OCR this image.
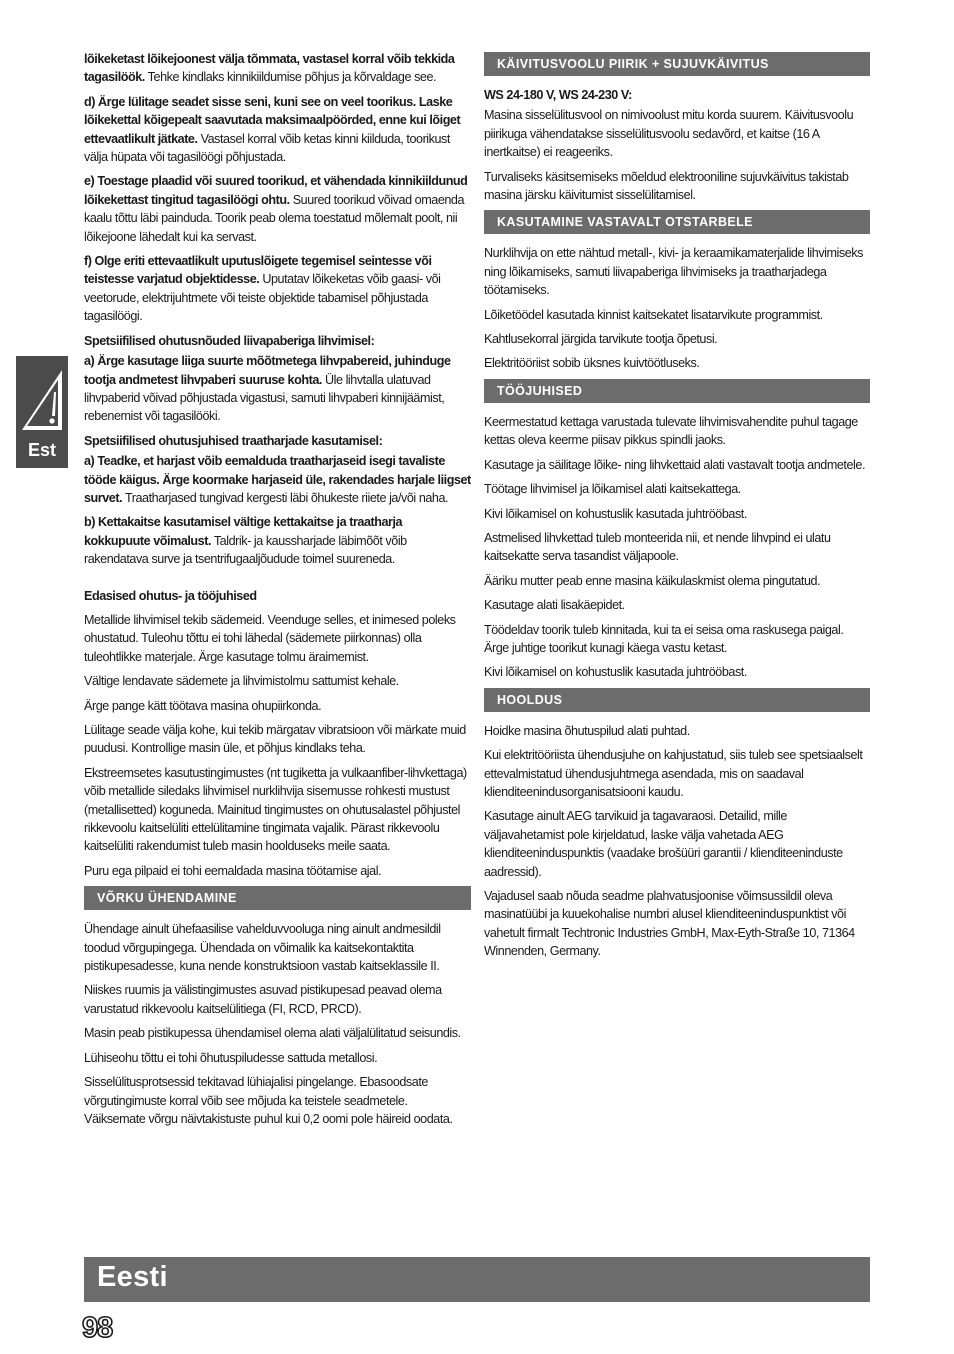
Est

lõikeketast lõikejoonest välja tõmmata, vastasel korral võib tekkida tagasilöök. Tehke kindlaks kinnikiildumise põhjus ja kõrvaldage see.

d) Ärge lülitage seadet sisse seni, kuni see on veel toorikus. Laske lõikekettal kõigepealt saavutada maksimaalpöörded, enne kui lõiget ettevaatlikult jätkate. Vastasel korral võib ketas kinni kiilduda, toorikust välja hüpata või tagasilöögi põhjustada.

e) Toestage plaadid või suured toorikud, et vähendada kinnikiildunud lõikekettast tingitud tagasilöögi ohtu. Suured toorikud võivad omaenda kaalu tõttu läbi painduda. Toorik peab olema toestatud mõlemalt poolt, nii lõikejoone lähedalt kui ka servast.

f) Olge eriti ettevaatlikult uputuslõigete tegemisel seintesse või teistesse varjatud objektidesse. Uputatav lõikeketas võib gaasi- või veetorude, elektrijuhtmete või teiste objektide tabamisel põhjustada tagasilöögi.

Spetsiifilised ohutusnõuded liivapaberiga lihvimisel:

a) Ärge kasutage liiga suurte mõõtmetega lihvpabereid, juhinduge tootja andmetest lihvpaberi suuruse kohta. Üle lihvtalla ulatuvad lihvpaberid võivad põhjustada vigastusi, samuti lihvpaberi kinnijäämist, rebenemist või tagasilööki.

Spetsiifilised ohutusjuhised traatharjade kasutamisel:

a) Teadke, et harjast võib eemalduda traatharjaseid isegi tavaliste tööde käigus. Ärge koormake harjaseid üle, rakendades harjale liigset survet. Traatharjased tungivad kergesti läbi õhukeste riiete ja/või naha.

b) Kettakaitse kasutamisel vältige kettakaitse ja traatharja kokkupuute võimalust. Taldrik- ja kaussharjade läbimõõt võib rakendatava surve ja tsentrifugaaljõudude toimel suureneda.

Edasised ohutus- ja tööjuhised

Metallide lihvimisel tekib sädemeid. Veenduge selles, et inimesed poleks ohustatud. Tuleohu tõttu ei tohi lähedal (sädemete piirkonnas) olla tuleohtlikke materjale. Ärge kasutage tolmu äraimemist.

Vältige lendavate sädemete ja lihvimistolmu sattumist kehale.

Ärge pange kätt töötava masina ohupiirkonda.

Lülitage seade välja kohe, kui tekib märgatav vibratsioon või märkate muid puudusi. Kontrollige masin üle, et põhjus kindlaks teha.

Ekstreemsetes kasutustingimustes (nt tugiketta ja vulkaanfiber-lihvkettaga) võib metallide siledaks lihvimisel nurklihvija sisemusse rohkesti mustust (metallisetted) koguneda. Mainitud tingimustes on ohutusalastel põhjustel rikkevoolu kaitselüliti ettelülitamine tingimata vajalik. Pärast rikkevoolu kaitselüliti rakendumist tuleb masin hoolduseks meile saata.

Puru ega pilpaid ei tohi eemaldada masina töötamise ajal.

VÕRKU ÜHENDAMINE

Ühendage ainult ühefaasilise vahelduvvooluga ning ainult andmesildil toodud võrgupingega. Ühendada on võimalik ka kaitsekontaktita pistikupesadesse, kuna nende konstruktsioon vastab kaitseklassile II.

Niiskes ruumis ja välistingimustes asuvad pistikupesad peavad olema varustatud rikkevoolu kaitselülitiega (FI, RCD, PRCD).

Masin peab pistikupessa ühendamisel olema alati väljalülitatud seisundis.

Lühiseohu tõttu ei tohi õhutuspiludesse sattuda metallosi.

Sisselülitusprotsessid tekitavad lühiajalisi pingelange. Ebasoodsate võrgutingimuste korral võib see mõjuda ka teistele seadmetele. Väiksemate võrgu näivtakistuste puhul kui 0,2 oomi pole häireid oodata.

KÄIVITUSVOOLU PIIRIK + SUJUVKÄIVITUS

WS 24-180 V, WS 24-230 V:

Masina sisselülitusvool on nimivoolust mitu korda suurem. Käivitusvoolu piirikuga vähendatakse sisselülitusvoolu sedavõrd, et kaitse (16 A inertkaitse) ei reageeriks.

Turvaliseks käsitsemiseks mõeldud elektrooniline sujuvkäivitus takistab masina järsku käivitumist sisselülitamisel.

KASUTAMINE VASTAVALT OTSTARBELE

Nurklihvija on ette nähtud metall-, kivi- ja keraamikamaterjalide lihvimiseks ning lõikamiseks, samuti liivapaberiga lihvimiseks ja traatharjadega töötamiseks.

Lõiketöödel kasutada kinnist kaitsekatet lisatarvikute programmist.

Kahtlusekorral järgida tarvikute tootja õpetusi.

Elektritööriist sobib üksnes kuivtöötluseks.

TÖÖJUHISED

Keermestatud kettaga varustada tulevate lihvimisvahendite puhul tagage kettas oleva keerme piisav pikkus spindli jaoks.

Kasutage ja säilitage lõike- ning lihvkettaid alati vastavalt tootja andmetele.

Töötage lihvimisel ja lõikamisel alati kaitsekattega.

Kivi lõikamisel on kohustuslik kasutada juhtrööbast.

Astmelised lihvkettad tuleb monteerida nii, et nende lihvpind ei ulatu kaitsekatte serva tasandist väljapoole.

Ääriku mutter peab enne masina käikulaskmist olema pingutatud.

Kasutage alati lisakäepidet.

Töödeldav toorik tuleb kinnitada, kui ta ei seisa oma raskusega paigal. Ärge juhtige toorikut kunagi käega vastu ketast.

Kivi lõikamisel on kohustuslik kasutada juhtrööbast.

HOOLDUS

Hoidke masina õhutuspilud alati puhtad.

Kui elektritööriista ühendusjuhe on kahjustatud, siis tuleb see spetsiaalselt ettevalmistatud ühendusjuhtmega asendada, mis on saadaval klienditeenindusorganisatsiooni kaudu.

Kasutage ainult AEG tarvikuid ja tagavaraosi. Detailid, mille väljavahetamist pole kirjeldatud, laske välja vahetada AEG klienditeeninduspunktis (vaadake brošüüri garantii / klienditeeninduste aadressid).

Vajadusel saab nõuda seadme plahvatusjoonise võimsussildil oleva masinatüübi ja kuuekohalise numbri alusel klienditeeninduspunktist või vahetult firmalt Techtronic Industries GmbH, Max-Eyth-Straße 10, 71364 Winnenden, Germany.

Eesti
98
